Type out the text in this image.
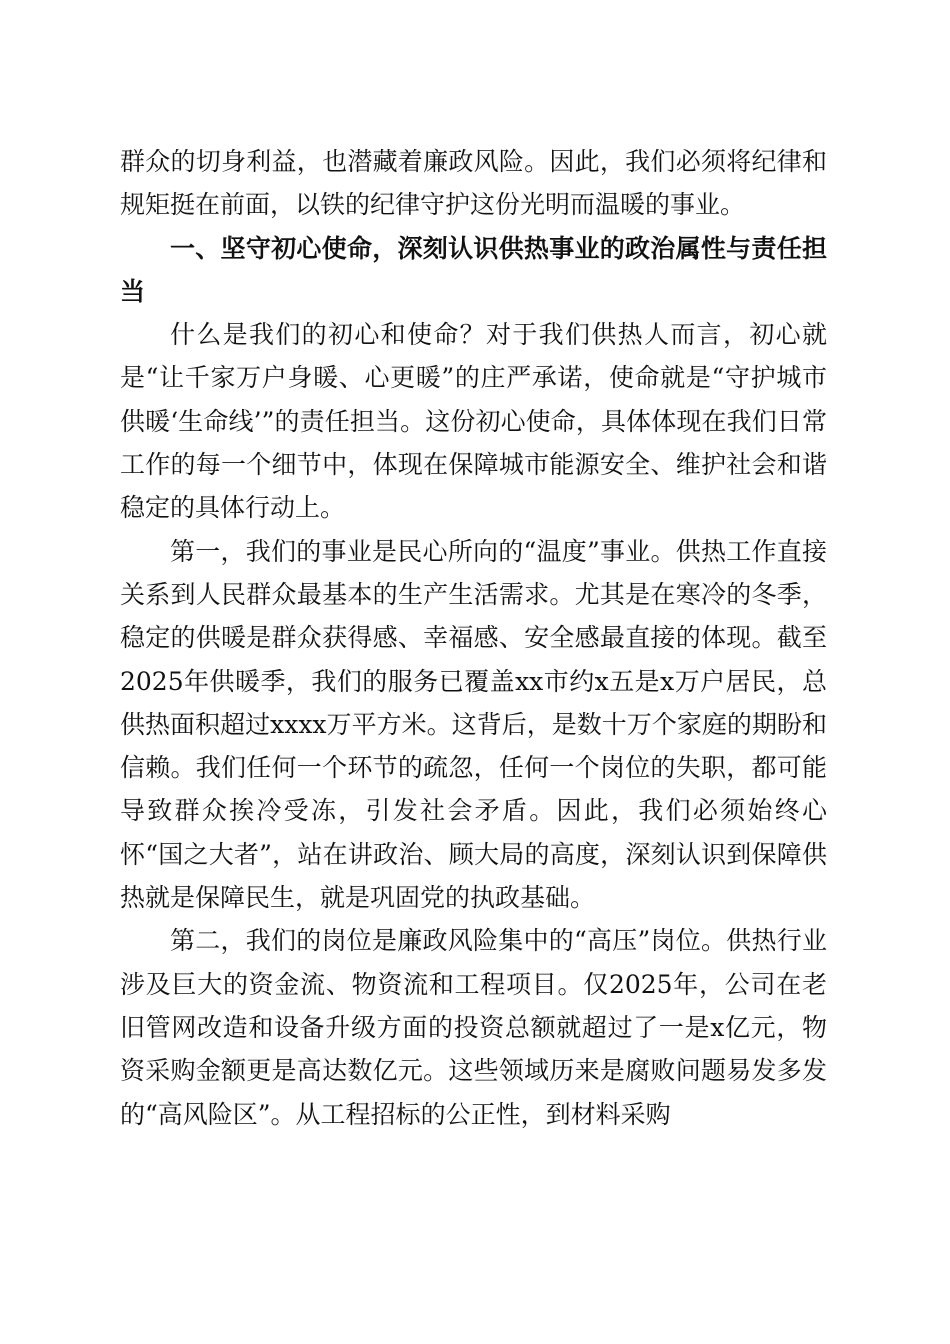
群众的切身利益，也潜藏着廉政风险。因此，我们必须将纪律和规矩挺在前面，以铁的纪律守护这份光明而温暖的事业。

一、坚守初心使命，深刻认识供热事业的政治属性与责任担当

什么是我们的初心和使命？对于我们供热人而言，初心就是“让千家万户身暖、心更暖”的庄严承诺，使命就是“守护城市供暖‘生命线’”的责任担当。这份初心使命，具体体现在我们日常工作的每一个细节中，体现在保障城市能源安全、维护社会和谐稳定的具体行动上。

第一，我们的事业是民心所向的“温度”事业。供热工作直接关系到人民群众最基本的生产生活需求。尤其是在寒冷的冬季，稳定的供暖是群众获得感、幸福感、安全感最直接的体现。截至2025年供暖季，我们的服务已覆盖xx市约x五是x万户居民，总供热面积超过xxxx万平方米。这背后，是数十万个家庭的期盼和信赖。我们任何一个环节的疏忽，任何一个岗位的失职，都可能导致群众挨冷受冻，引发社会矛盾。因此，我们必须始终心怀“国之大者”，站在讲政治、顾大局的高度，深刻认识到保障供热就是保障民生，就是巩固党的执政基础。

第二，我们的岗位是廉政风险集中的“高压”岗位。供热行业涉及巨大的资金流、物资流和工程项目。仅2025年，公司在老旧管网改造和设备升级方面的投资总额就超过了一是x亿元，物资采购金额更是高达数亿元。这些领域历来是腐败问题易发多发的“高风险区”。从工程招标的公正性，到材料采购
